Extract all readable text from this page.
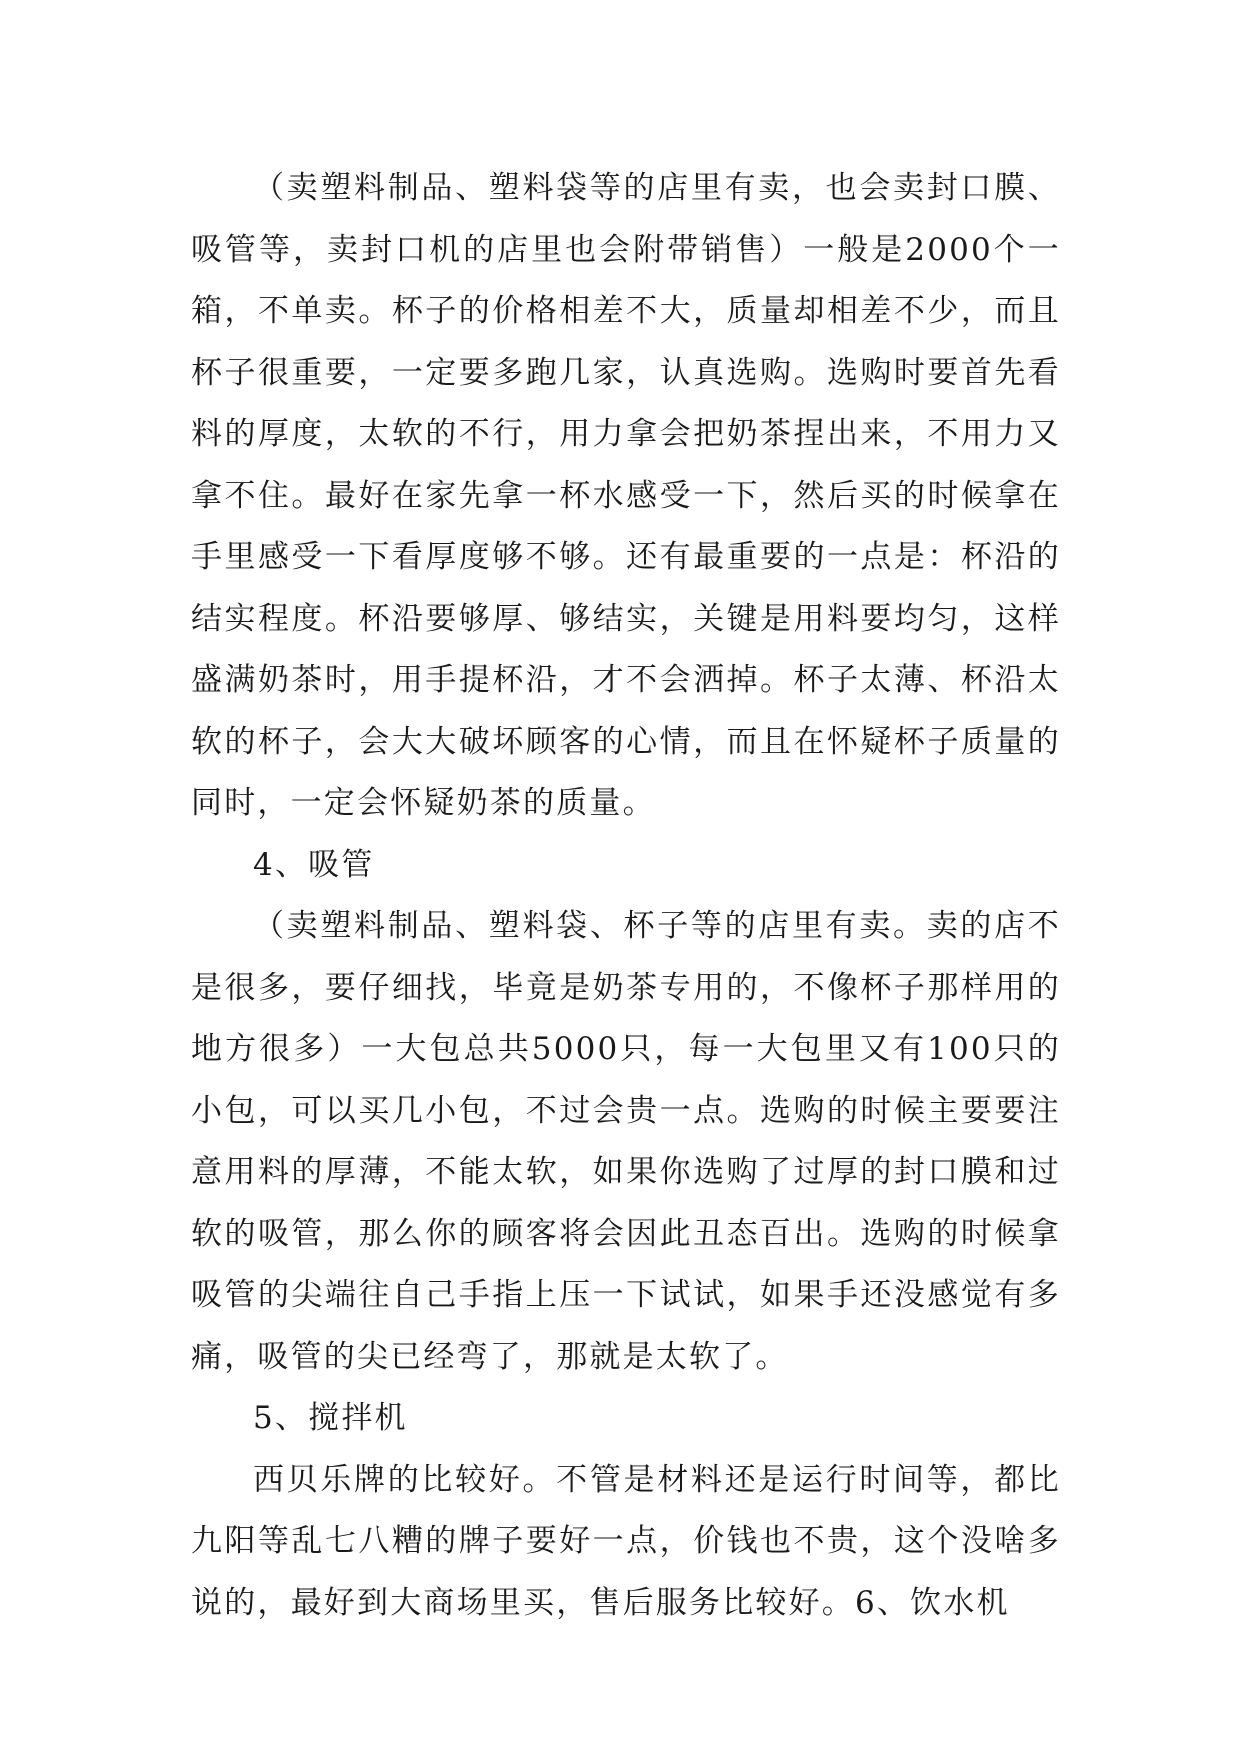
（卖塑料制品、塑料袋等的店里有卖，也会卖封口膜、吸管等，卖封口机的店里也会附带销售）一般是2000个一箱，不单卖。杯子的价格相差不大，质量却相差不少，而且杯子很重要，一定要多跑几家，认真选购。选购时要首先看料的厚度，太软的不行，用力拿会把奶茶捏出来，不用力又拿不住。最好在家先拿一杯水感受一下，然后买的时候拿在手里感受一下看厚度够不够。还有最重要的一点是：杯沿的结实程度。杯沿要够厚、够结实，关键是用料要均匀，这样盛满奶茶时，用手提杯沿，才不会洒掉。杯子太薄、杯沿太软的杯子，会大大破坏顾客的心情，而且在怀疑杯子质量的同时，一定会怀疑奶茶的质量。

4、吸管

（卖塑料制品、塑料袋、杯子等的店里有卖。卖的店不是很多，要仔细找，毕竟是奶茶专用的，不像杯子那样用的地方很多）一大包总共5000只，每一大包里又有100只的小包，可以买几小包，不过会贵一点。选购的时候主要要注意用料的厚薄，不能太软，如果你选购了过厚的封口膜和过软的吸管，那么你的顾客将会因此丑态百出。选购的时候拿吸管的尖端往自己手指上压一下试试，如果手还没感觉有多痛，吸管的尖已经弯了，那就是太软了。

5、搅拌机

西贝乐牌的比较好。不管是材料还是运行时间等，都比九阳等乱七八糟的牌子要好一点，价钱也不贵，这个没啥多说的，最好到大商场里买，售后服务比较好。6、饮水机
